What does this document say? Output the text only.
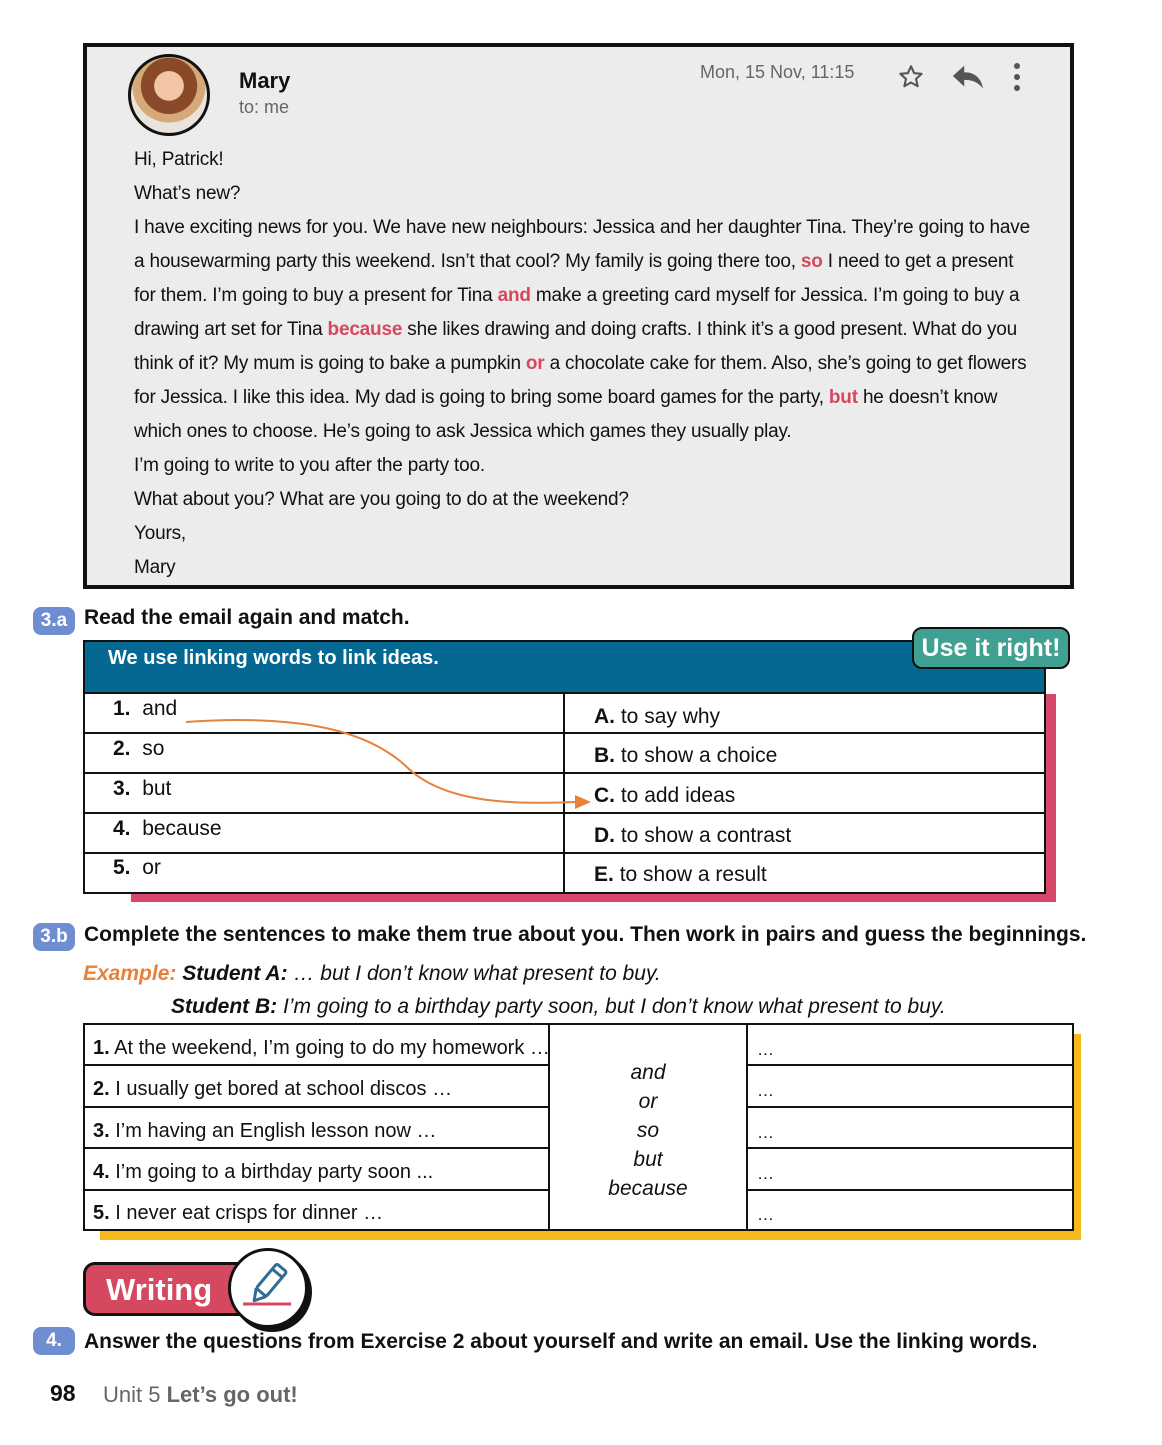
Mary
to: me
Mon, 15 Nov, 11:15

Hi, Patrick!

What’s new?

I have exciting news for you. We have new neighbours: Jessica and her daughter Tina. They’re going to have a housewarming party this weekend. Isn’t that cool? My family is going there too, so I need to get a present for them. I’m going to buy a present for Tina and make a greeting card myself for Jessica. I’m going to buy a drawing art set for Tina because she likes drawing and doing crafts. I think it’s a good present. What do you think of it? My mum is going to bake a pumpkin or a chocolate cake for them. Also, she’s going to get flowers for Jessica. I like this idea. My dad is going to bring some board games for the party, but he doesn’t know which ones to choose. He’s going to ask Jessica which games they usually play.

I’m going to write to you after the party too.

What about you? What are you going to do at the weekend?

Yours,

Mary

3.a Read the email again and match.
We use linking words to link ideas.	Use it right!
1. and
2. so
3. but
4. because
5. or
A. to say why
B. to show a choice
C. to add ideas
D. to show a contrast
E. to show a result
3.b Complete the sentences to make them true about you. Then work in pairs and guess the beginnings.
Example: Student A: … but I don’t know what present to buy.
Student B: I’m going to a birthday party soon, but I don’t know what present to buy.
1. At the weekend, I’m going to do my homework …
2. I usually get bored at school discos …
3. I’m having an English lesson now …
4. I’m going to a birthday party soon ...
5. I never eat crisps for dinner …
and
or
so
but
because
…
…
…
…
…
Writing
4.	Answer the questions from Exercise 2 about yourself and write an email. Use the linking words.
98 Unit 5 Let’s go out!
